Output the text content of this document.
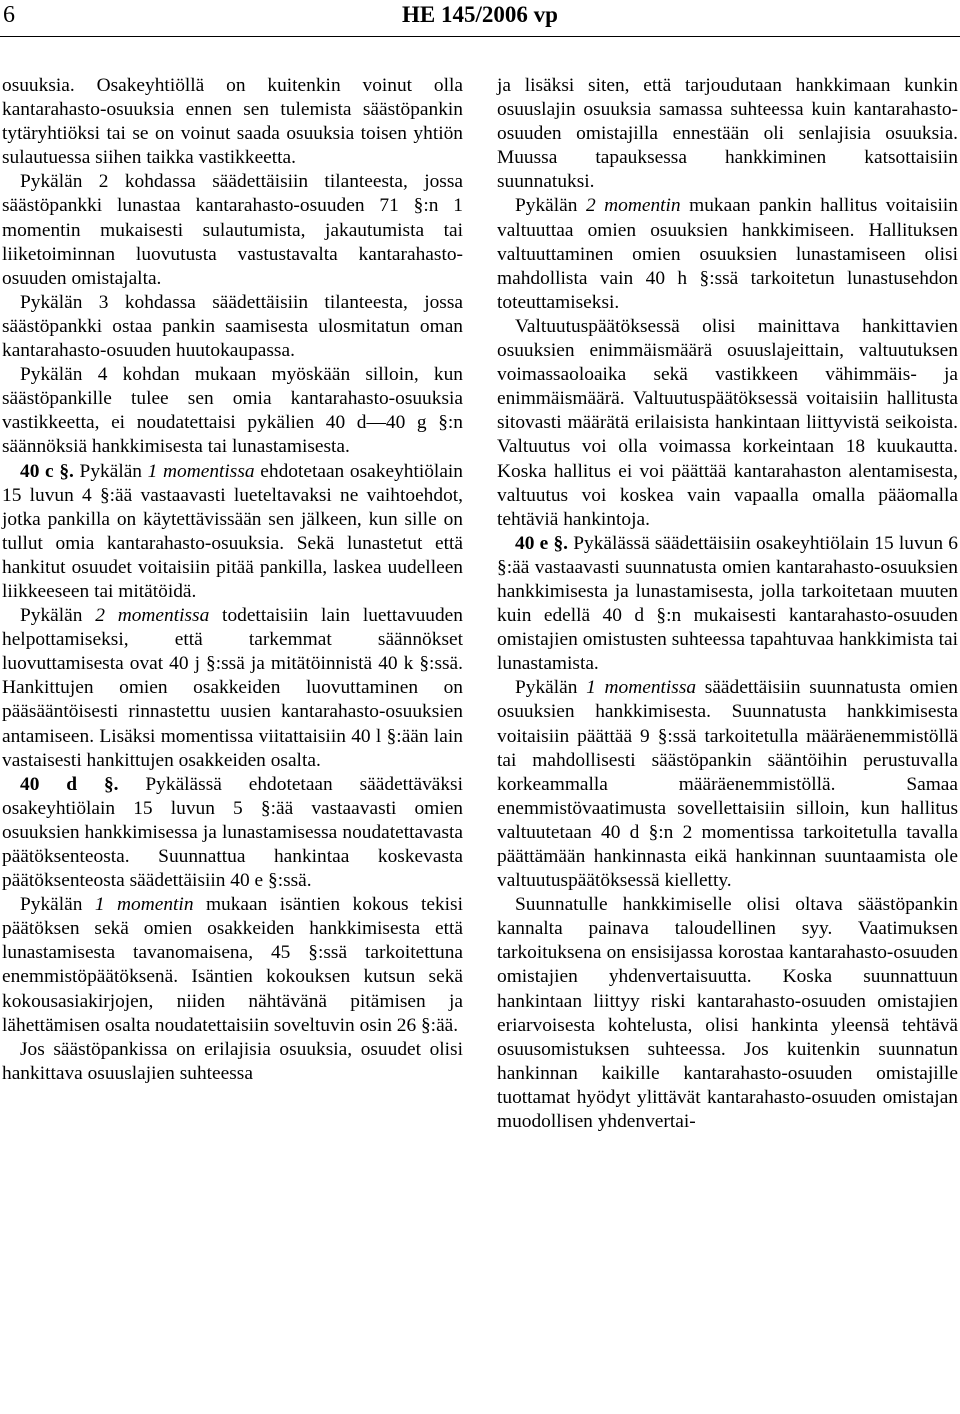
6	HE 145/2006 vp

osuuksia. Osakeyhtiöllä on kuitenkin voinut olla kantarahasto-osuuksia ennen sen tulemista säästöpankin tytäryhtiöksi tai se on voinut saada osuuksia toisen yhtiön sulautuessa siihen taikka vastikkeetta.

Pykälän 2 kohdassa säädettäisiin tilanteesta, jossa säästöpankki lunastaa kantarahasto-osuuden 71 §:n 1 momentin mukaisesti sulautumista, jakautumista tai liiketoiminnan luovutusta vastustavalta kantarahasto-osuuden omistajalta.

Pykälän 3 kohdassa säädettäisiin tilanteesta, jossa säästöpankki ostaa pankin saamisesta ulosmitatun oman kantarahasto-osuuden huutokaupassa.

Pykälän 4 kohdan mukaan myöskään silloin, kun säästöpankille tulee sen omia kantarahasto-osuuksia vastikkeetta, ei noudatettaisi pykälien 40 d—40 g §:n säännöksiä hankkimisesta tai lunastamisesta.

40 c §. Pykälän 1 momentissa ehdotetaan osakeyhtiölain 15 luvun 4 §:ää vastaavasti lueteltavaksi ne vaihtoehdot, jotka pankilla on käytettävissään sen jälkeen, kun sille on tullut omia kantarahasto-osuuksia. Sekä lunastetut että hankitut osuudet voitaisiin pitää pankilla, laskea uudelleen liikkeeseen tai mitätöidä.

Pykälän 2 momentissa todettaisiin lain luettavuuden helpottamiseksi, että tarkemmat säännökset luovuttamisesta ovat 40 j §:ssä ja mitätöinnistä 40 k §:ssä. Hankittujen omien osakkeiden luovuttaminen on pääsääntöisesti rinnastettu uusien kantarahasto-osuuksien antamiseen. Lisäksi momentissa viitattaisiin 40 l §:ään lain vastaisesti hankittujen osakkeiden osalta.

40 d §. Pykälässä ehdotetaan säädettäväksi osakeyhtiölain 15 luvun 5 §:ää vastaavasti omien osuuksien hankkimisessa ja lunastamisessa noudatettavasta päätöksenteosta. Suunnattua hankintaa koskevasta päätöksenteosta säädettäisiin 40 e §:ssä.

Pykälän 1 momentin mukaan isäntien kokous tekisi päätöksen sekä omien osakkeiden hankkimisesta että lunastamisesta tavanomaisena, 45 §:ssä tarkoitettuna enemmistöpäätöksenä. Isäntien kokouksen kutsun sekä kokousasiakirjojen, niiden nähtävänä pitämisen ja lähettämisen osalta noudatettaisiin soveltuvin osin 26 §:ää.

Jos säästöpankissa on erilajisia osuuksia, osuudet olisi hankittava osuuslajien suhteessa

ja lisäksi siten, että tarjoudutaan hankkimaan kunkin osuuslajin osuuksia samassa suhteessa kuin kantarahasto-osuuden omistajilla ennestään oli senlajisia osuuksia. Muussa tapauksessa hankkiminen katsottaisiin suunnatuksi.

Pykälän 2 momentin mukaan pankin hallitus voitaisiin valtuuttaa omien osuuksien hankkimiseen. Hallituksen valtuuttaminen omien osuuksien lunastamiseen olisi mahdollista vain 40 h §:ssä tarkoitetun lunastusehdon toteuttamiseksi.

Valtuutuspäätöksessä olisi mainittava hankittavien osuuksien enimmäismäärä osuuslajeittain, valtuutuksen voimassaoloaika sekä vastikkeen vähimmäis- ja enimmäismäärä. Valtuutuspäätöksessä voitaisiin hallitusta sitovasti määrätä erilaisista hankintaan liittyvistä seikoista. Valtuutus voi olla voimassa korkeintaan 18 kuukautta. Koska hallitus ei voi päättää kantarahaston alentamisesta, valtuutus voi koskea vain vapaalla omalla pääomalla tehtäviä hankintoja.

40 e §. Pykälässä säädettäisiin osakeyhtiölain 15 luvun 6 §:ää vastaavasti suunnatusta omien kantarahasto-osuuksien hankkimisesta ja lunastamisesta, jolla tarkoitetaan muuten kuin edellä 40 d §:n mukaisesti kantarahasto-osuuden omistajien omistusten suhteessa tapahtuvaa hankkimista tai lunastamista.

Pykälän 1 momentissa säädettäisiin suunnatusta omien osuuksien hankkimisesta. Suunnatusta hankkimisesta voitaisiin päättää 9 §:ssä tarkoitetulla määräenemmistöllä tai mahdollisesti säästöpankin sääntöihin perustuvalla korkeammalla määräenemmistöllä. Samaa enemmistövaatimusta sovellettaisiin silloin, kun hallitus valtuutetaan 40 d §:n 2 momentissa tarkoitetulla tavalla päättämään hankinnasta eikä hankinnan suuntaamista ole valtuutuspäätöksessä kielletty.

Suunnatulle hankkimiselle olisi oltava säästöpankin kannalta painava taloudellinen syy. Vaatimuksen tarkoituksena on ensisijassa korostaa kantarahasto-osuuden omistajien yhdenvertaisuutta. Koska suunnattuun hankintaan liittyy riski kantarahasto-osuuden omistajien eriarvoisesta kohtelusta, olisi hankinta yleensä tehtävä osuusomistuksen suhteessa. Jos kuitenkin suunnatun hankinnan kaikille kantarahasto-osuuden omistajille tuottamat hyödyt ylittävät kantarahasto-osuuden omistajan muodollisen yhdenvertai-
